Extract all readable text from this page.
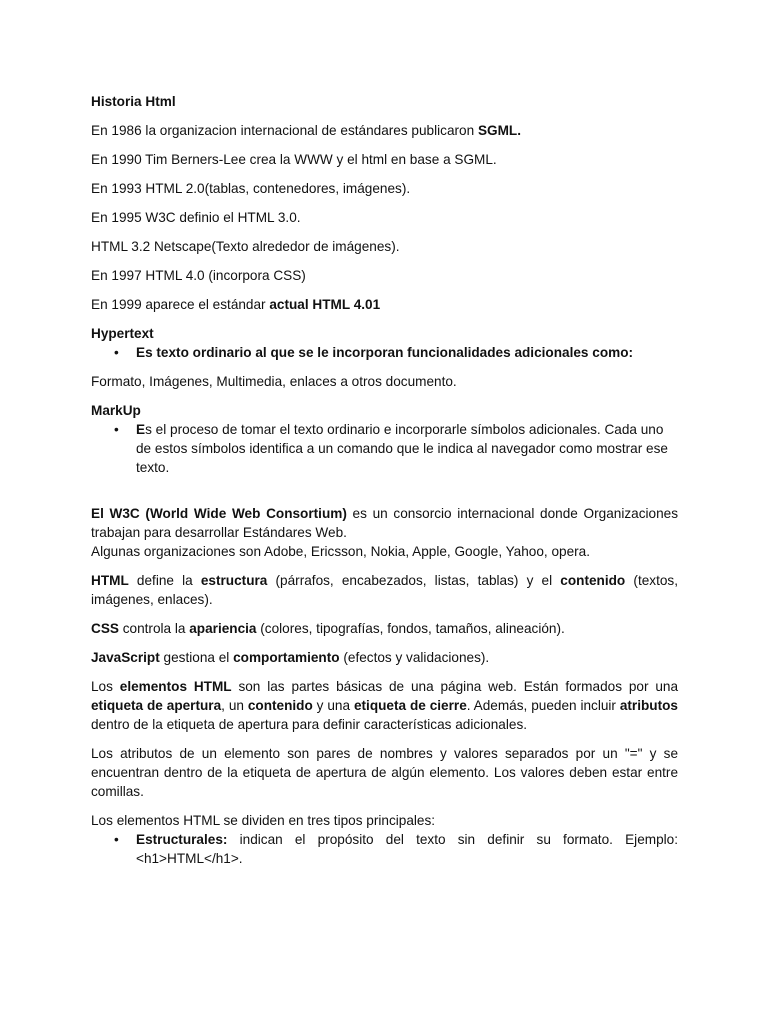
Historia Html

En 1986 la organizacion internacional de estándares publicaron SGML.

En 1990 Tim Berners-Lee crea la WWW y el html en base a SGML.

En 1993 HTML 2.0(tablas, contenedores, imágenes).

En 1995 W3C definio el HTML 3.0.

HTML 3.2 Netscape(Texto alrededor de imágenes).

En 1997 HTML 4.0 (incorpora CSS)

En 1999 aparece el estándar actual HTML 4.01

Hypertext

• Es texto ordinario al que se le incorporan funcionalidades adicionales como:

Formato, Imágenes, Multimedia, enlaces a otros documento.

MarkUp

• Es el proceso de tomar el texto ordinario e incorporarle símbolos adicionales. Cada uno de estos símbolos identifica a un comando que le indica al navegador como mostrar ese texto.

El W3C (World Wide Web Consortium) es un consorcio internacional donde Organizaciones trabajan para desarrollar Estándares Web.
Algunas organizaciones son Adobe, Ericsson, Nokia, Apple, Google, Yahoo, opera.

HTML define la estructura (párrafos, encabezados, listas, tablas) y el contenido (textos, imágenes, enlaces).

CSS controla la apariencia (colores, tipografías, fondos, tamaños, alineación).

JavaScript gestiona el comportamiento (efectos y validaciones).

Los elementos HTML son las partes básicas de una página web. Están formados por una etiqueta de apertura, un contenido y una etiqueta de cierre. Además, pueden incluir atributos dentro de la etiqueta de apertura para definir características adicionales.

Los atributos de un elemento son pares de nombres y valores separados por un "=" y se encuentran dentro de la etiqueta de apertura de algún elemento. Los valores deben estar entre comillas.

Los elementos HTML se dividen en tres tipos principales:

• Estructurales: indican el propósito del texto sin definir su formato. Ejemplo: <h1>HTML</h1>.
